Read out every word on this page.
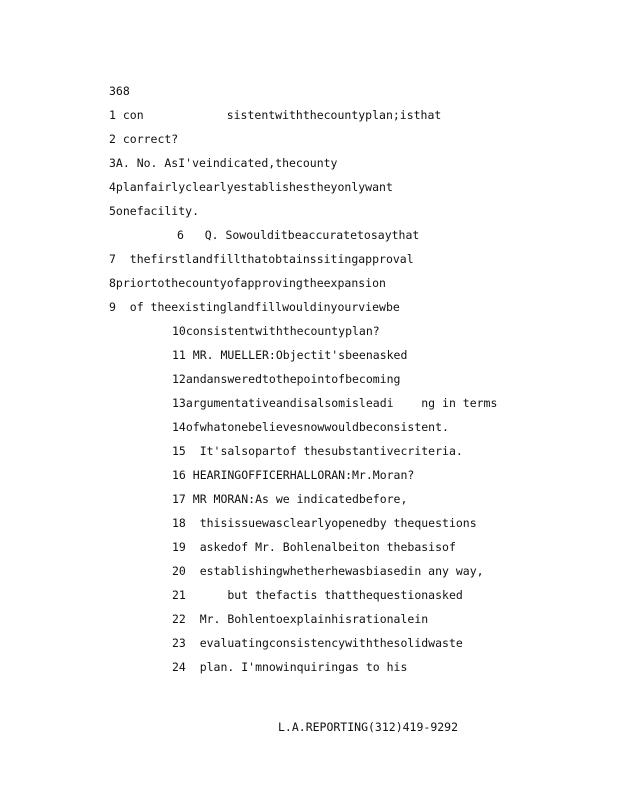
368
1 con            sistentwiththecountyplan;isthat
2 correct?
3A. No. AsI'veindicated,thecounty
4planfairlyclearlyestablishestheyonlywant
5onefacility.
6   Q. Sowoulditbeaccuratetosaythat
7  thefirstlandfillthatobtainssitingapproval
8priortothecountyofapprovingtheexpansion
9  of theexistinglandfillwouldinyourviewbe
10consistentwiththecountyplan?
11 MR. MUELLER:Objectit'sbeenasked
12andansweredtothepointofbecoming
13argumentativeandisalsomisleadi    ng in terms
14ofwhatonebelievesnowwouldbeconsistent.
15  It'salsopartof thesubstantivecriteria.
16 HEARINGOFFICERHALLORAN:Mr.Moran?
17 MR MORAN:As we indicatedbefore,
18  thisissuewasclearlyopenedby thequestions
19  askedof Mr. Bohlenalbeiton thebasisof
20  establishingwhetherhewasbiasedin any way,
21      but thefactis thatthequestionasked
22  Mr. Bohlentoexplainhisrationalein
23  evaluatingconsistencywiththesolidwaste
24  plan. I'mnowinquiringas to his
L.A.REPORTING(312)419-9292
